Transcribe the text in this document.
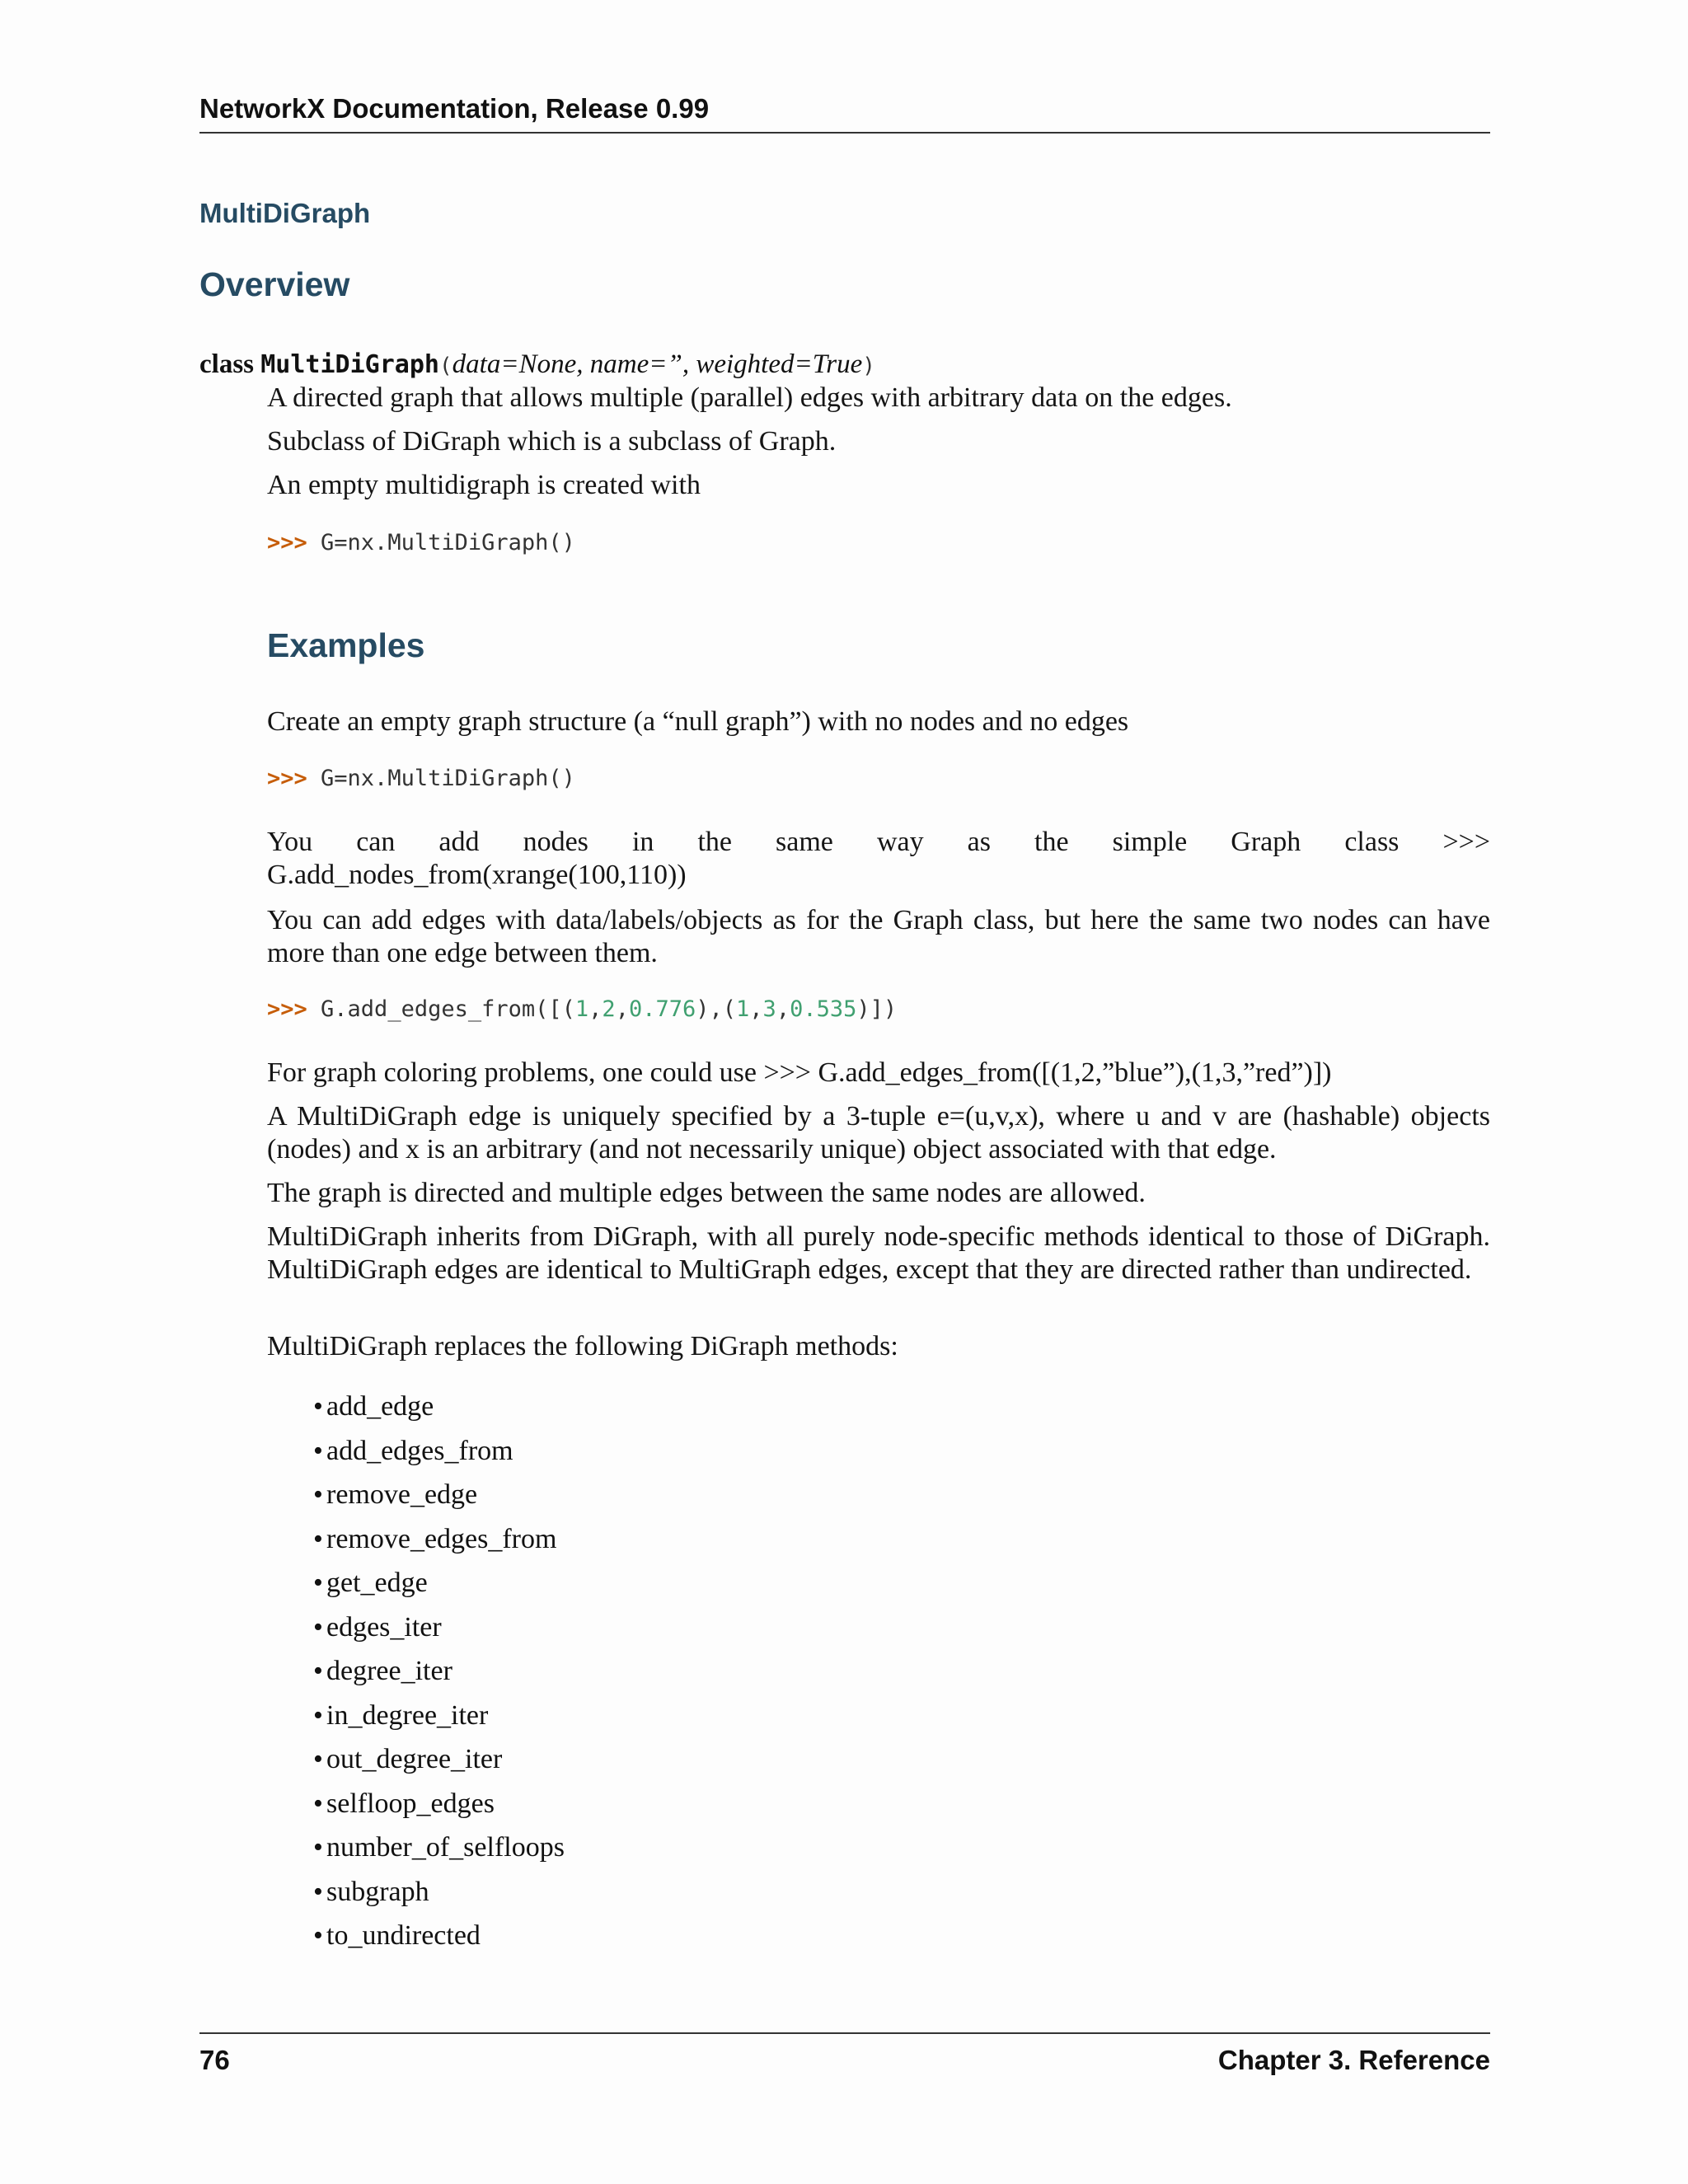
NetworkX Documentation, Release 0.99
MultiDiGraph
Overview
class MultiDiGraph(data=None, name=”, weighted=True)
A directed graph that allows multiple (parallel) edges with arbitrary data on the edges.
Subclass of DiGraph which is a subclass of Graph.
An empty multidigraph is created with
>>> G=nx.MultiDiGraph()
Examples
Create an empty graph structure (a “null graph”) with no nodes and no edges
>>> G=nx.MultiDiGraph()
You can add nodes in the same way as the simple Graph class >>>
G.add_nodes_from(xrange(100,110))
You can add edges with data/labels/objects as for the Graph class, but here the same two nodes can have more than one edge between them.
>>> G.add_edges_from([(1,2,0.776),(1,3,0.535)])
For graph coloring problems, one could use >>> G.add_edges_from([(1,2,”blue”),(1,3,”red”)])
A MultiDiGraph edge is uniquely specified by a 3-tuple e=(u,v,x), where u and v are (hashable) objects (nodes) and x is an arbitrary (and not necessarily unique) object associated with that edge.
The graph is directed and multiple edges between the same nodes are allowed.
MultiDiGraph inherits from DiGraph, with all purely node-specific methods identical to those of DiGraph. MultiDiGraph edges are identical to MultiGraph edges, except that they are directed rather than undirected.
MultiDiGraph replaces the following DiGraph methods:
• add_edge
• add_edges_from
• remove_edge
• remove_edges_from
• get_edge
• edges_iter
• degree_iter
• in_degree_iter
• out_degree_iter
• selfloop_edges
• number_of_selfloops
• subgraph
• to_undirected
76	Chapter 3. Reference
